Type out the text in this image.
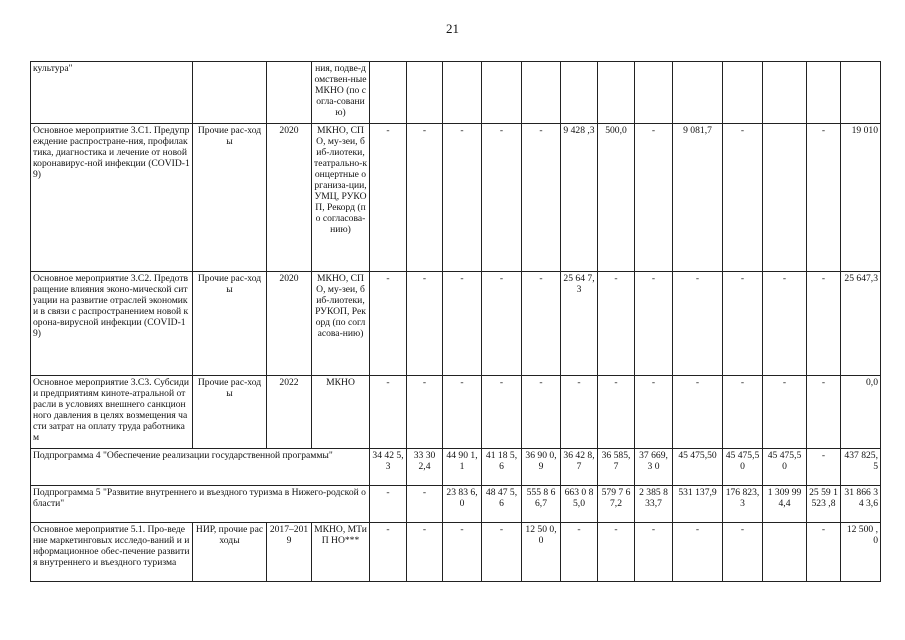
21
культура"			ния, подве-домствен-ные МКНО (по согла-сованию)													
Основное мероприятие 3.С1. Предупреждение распростране-ния, профилактика, диагностика и лечение от новой коронавирус-ной инфекции (COVID-19)	Прочие рас-ходы	2020	МКНО, СПО, му-зеи, биб-лиотеки, театрально-концертные организа-ции, УМЦ, РУКОП, Рекорд (по согласова-нию)	-	-	-	-	-	9 428 ,3	500,0	-	9 081,7	-		-	19 010
Основное мероприятие 3.С2. Предотвращение влияния эконо-мической ситуации на развитие отраслей экономики в связи с распространением новой корона-вирусной инфекции (COVID-19)	Прочие рас-ходы	2020	МКНО, СПО, му-зеи, биб-лиотеки, РУКОП, Рекорд (по согласова-нию)	-	-	-	-	-	25 64 7,3	-	-	-	-	-	-	25 647,3
Основное мероприятие 3.С3. Субсидии предприятиям киноте-атральной отрасли в условиях внешнего санкционного давления в целях возмещения части затрат на оплату труда работникам	Прочие рас-ходы	2022	МКНО	-	-	-	-	-	-	-	-	-	-	-	-	0,0
Подпрограмма 4 "Обеспечение реализации государственной программы"				34 42 5,3	33 30 2,4	44 90 1,1	41 18 5,6	36 90 0,9	36 42 8,7	36 585,7	37 669,3 0	45 475,50	45 475,50	45 475,5 0	-	437 825,5
Подпрограмма 5 "Развитие внутреннего и въездного туризма в Нижего-родской области"				-	-	23 83 6,0	48 47 5,6	555 8 66,7	663 0 85,0	579 7 67,2	2 385 833,7	531 137,9	176 823,3	1 309 994,4	25 59 1 523 ,8	31 866 34 3,6
Основное мероприятие 5.1. Про-ведение маркетинговых исследо-ваний и информационное обес-печение развития внутреннего и въездного туризма	НИР, прочие расходы	2017–2019	МКНО, МТиП НО***	-	-	-	-	12 50 0,0	-	-	-	-	-		-	12 500 ,0
